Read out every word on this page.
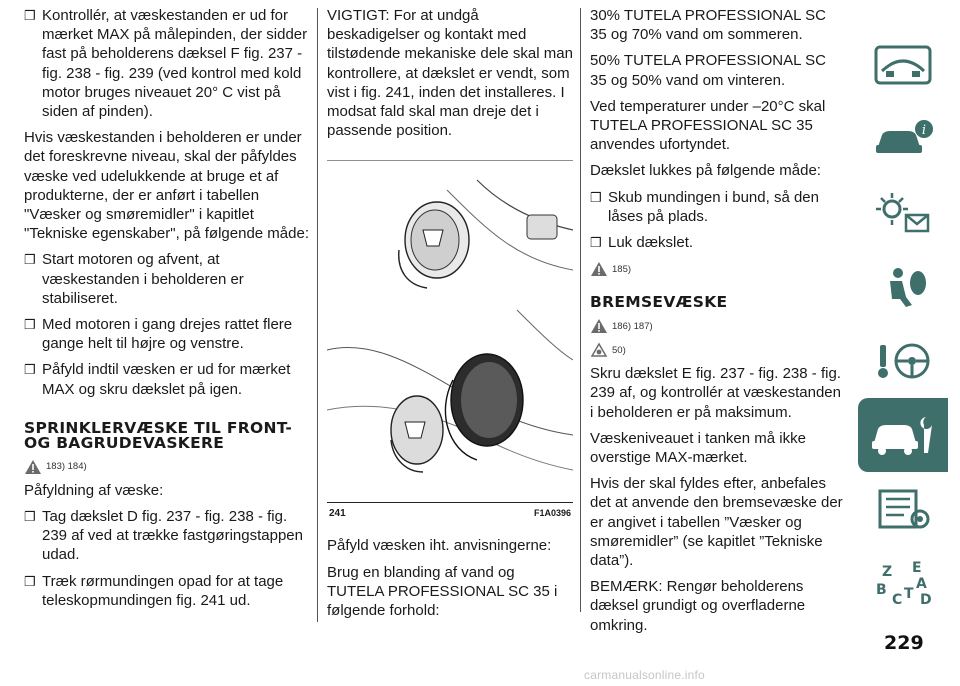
❒ Kontrollér, at væskestanden er ud for mærket MAX på målepinden, der sidder fast på beholderens dæksel F fig. 237 - fig. 238 - fig. 239 (ved kontrol med kold motor bruges niveauet 20° C vist på siden af pinden).
Hvis væskestanden i beholderen er under det foreskrevne niveau, skal der påfyldes væske ved udelukkende at bruge et af produkterne, der er anført i tabellen "Væsker og smøremidler" i kapitlet "Tekniske egenskaber", på følgende måde:
❒ Start motoren og afvent, at væskestanden i beholderen er stabiliseret.
❒ Med motoren i gang drejes rattet flere gange helt til højre og venstre.
❒ Påfyld indtil væsken er ud for mærket MAX og skru dækslet på igen.
SPRINKLERVÆSKE TIL FRONT- OG BAGRUDEVASKERE
183) 184)
Påfyldning af væske:
❒ Tag dækslet D fig. 237 - fig. 238 - fig. 239 af ved at trække fastgøringstappen udad.
❒ Træk rørmundingen opad for at tage teleskopmundingen fig. 241 ud.
VIGTIGT: For at undgå beskadigelser og kontakt med tilstødende mekaniske dele skal man kontrollere, at dækslet er vendt, som vist i fig. 241, inden det installeres. I modsat fald skal man dreje det i passende position.
241	F1A0396
Påfyld væsken iht. anvisningerne:
Brug en blanding af vand og TUTELA PROFESSIONAL SC 35 i følgende forhold:
30% TUTELA PROFESSIONAL SC 35 og 70% vand om sommeren.
50% TUTELA PROFESSIONAL SC 35 og 50% vand om vinteren.
Ved temperaturer under –20°C skal TUTELA PROFESSIONAL SC 35 anvendes ufortyndet.
Dækslet lukkes på følgende måde:
❒ Skub mundingen i bund, så den låses på plads.
❒ Luk dækslet.
185)
BREMSEVÆSKE
186) 187)
50)
Skru dækslet E fig. 237 - fig. 238 - fig. 239 af, og kontrollér at væskestanden i beholderen er på maksimum.
Væskeniveauet i tanken må ikke overstige MAX-mærket.
Hvis der skal fyldes efter, anbefales det at anvende den bremsevæske der er angivet i tabellen ”Væsker og smøremidler” (se kapitlet ”Tekniske data”).
BEMÆRK: Rengør beholderens dæksel grundigt og overfladerne omkring.
i
Z E
A
B
C T D
229
carmanualsonline.info
